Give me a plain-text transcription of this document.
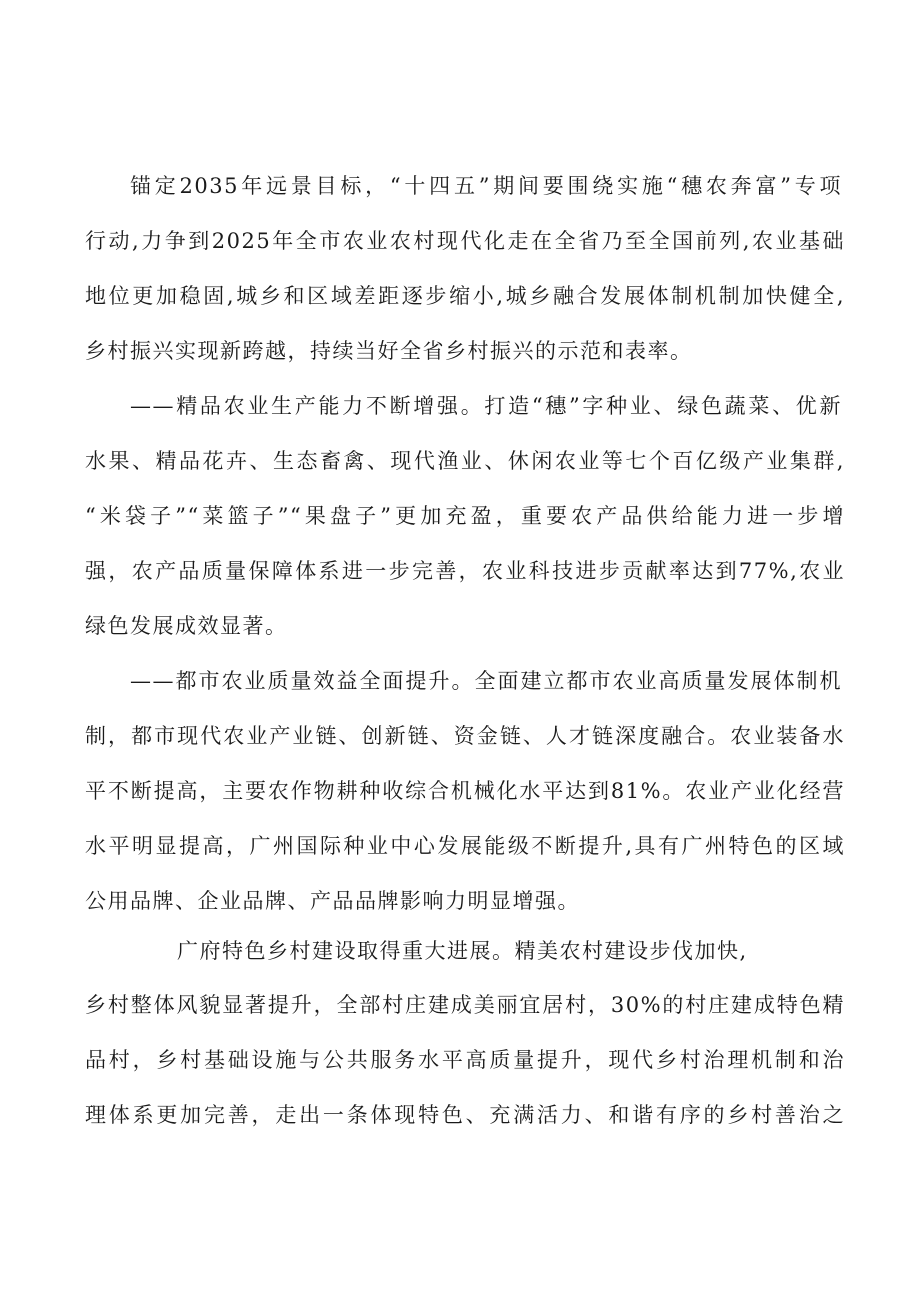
锚定2035年远景目标，“十四五”期间要围绕实施“穗农奔富”专项

行动,力争到2025年全市农业农村现代化走在全省乃至全国前列,农业基础

地位更加稳固,城乡和区域差距逐步缩小,城乡融合发展体制机制加快健全,

乡村振兴实现新跨越，持续当好全省乡村振兴的示范和表率。

——精品农业生产能力不断增强。打造“穗”字种业、绿色蔬菜、优新

水果、精品花卉、生态畜禽、现代渔业、休闲农业等七个百亿级产业集群,

“米袋子”“菜篮子”“果盘子”更加充盈，重要农产品供给能力进一步增

强，农产品质量保障体系进一步完善，农业科技进步贡献率达到77%,农业

绿色发展成效显著。

——都市农业质量效益全面提升。全面建立都市农业高质量发展体制机

制，都市现代农业产业链、创新链、资金链、人才链深度融合。农业装备水

平不断提高，主要农作物耕种收综合机械化水平达到81%。农业产业化经营

水平明显提高，广州国际种业中心发展能级不断提升,具有广州特色的区域

公用品牌、企业品牌、产品品牌影响力明显增强。

广府特色乡村建设取得重大进展。精美农村建设步伐加快,

乡村整体风貌显著提升，全部村庄建成美丽宜居村，30%的村庄建成特色精

品村，乡村基础设施与公共服务水平高质量提升，现代乡村治理机制和治

理体系更加完善，走出一条体现特色、充满活力、和谐有序的乡村善治之
